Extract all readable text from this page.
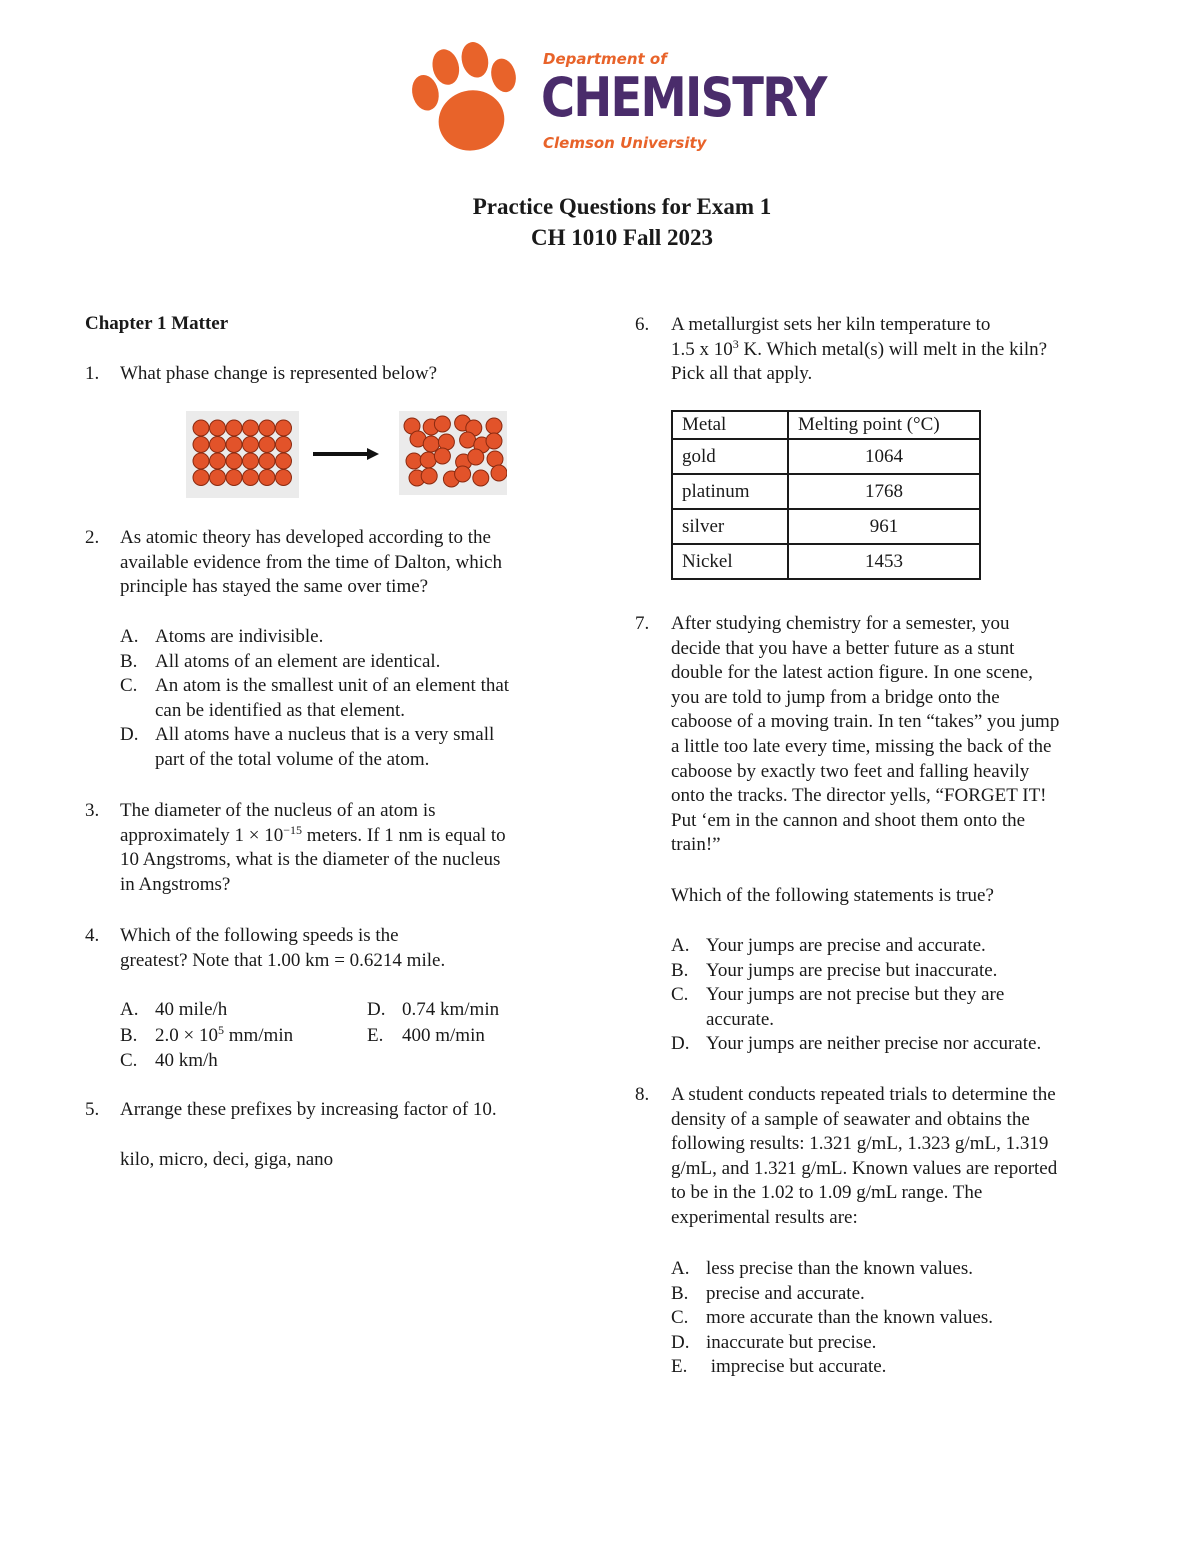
Department of
CHEMISTRY
Clemson University
Practice Questions for Exam 1
CH 1010 Fall 2023
Chapter 1 Matter
1. What phase change is represented below?
2. As atomic theory has developed according to the
available evidence from the time of Dalton, which
principle has stayed the same over time?
A. Atoms are indivisible.
B. All atoms of an element are identical.
C. An atom is the smallest unit of an element that
can be identified as that element.
D. All atoms have a nucleus that is a very small
part of the total volume of the atom.
3. The diameter of the nucleus of an atom is
approximately $1 \times 10^{-15}$ meters. If 1 nm is equal to
10 Angstroms, what is the diameter of the nucleus
in Angstroms?
4. Which of the following speeds is the
greatest? Note that 1.00 km = 0.6214 mile.
A. 40 mile/h
B. $2.0 \times 10^5$ mm/min
C. 40 km/h
D. 0.74 km/min
E. 400 m/min
5. Arrange these prefixes by increasing factor of 10.
kilo, micro, deci, giga, nano
6. A metallurgist sets her kiln temperature to
1.5 x $10^3$ K. Which metal(s) will melt in the kiln?
Pick all that apply.
Metal	Melting point (°C)
gold	1064
platinum	1768
silver	961
Nickel	1453
7. After studying chemistry for a semester, you
decide that you have a better future as a stunt
double for the latest action figure. In one scene,
you are told to jump from a bridge onto the
caboose of a moving train. In ten “takes” you jump
a little too late every time, missing the back of the
caboose by exactly two feet and falling heavily
onto the tracks. The director yells, “FORGET IT!
Put ‘em in the cannon and shoot them onto the
train!”
Which of the following statements is true?
A. Your jumps are precise and accurate.
B. Your jumps are precise but inaccurate.
C. Your jumps are not precise but they are
accurate.
D. Your jumps are neither precise nor accurate.
8. A student conducts repeated trials to determine the
density of a sample of seawater and obtains the
following results: 1.321 g/mL, 1.323 g/mL, 1.319
g/mL, and 1.321 g/mL. Known values are reported
to be in the 1.02 to 1.09 g/mL range. The
experimental results are:
A. less precise than the known values.
B. precise and accurate.
C. more accurate than the known values.
D. inaccurate but precise.
E. imprecise but accurate.
